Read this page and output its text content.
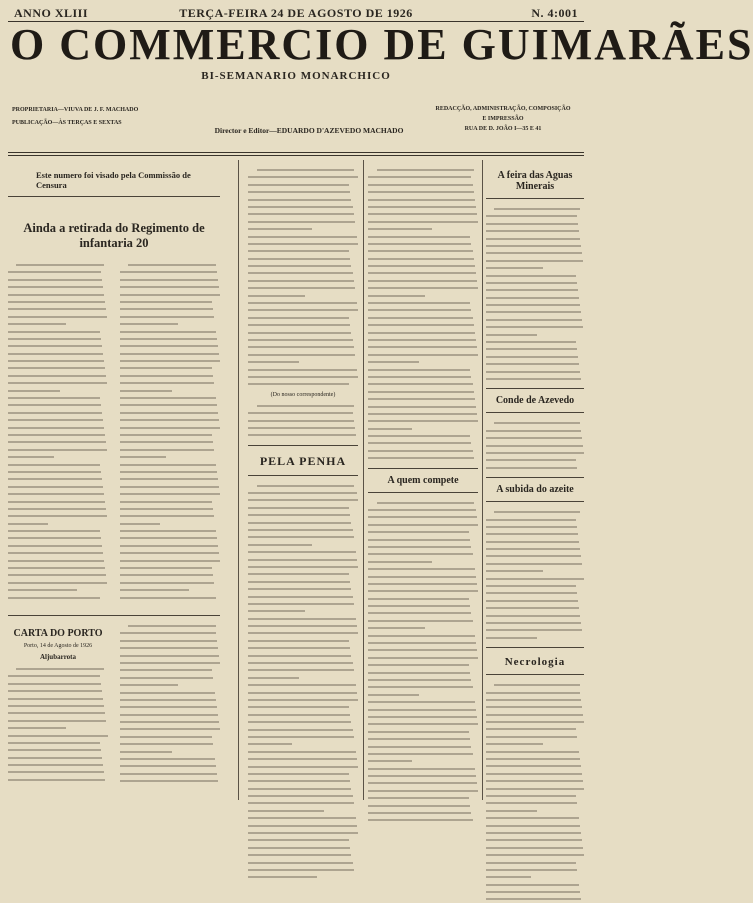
ANNO XLIII	TERÇA-FEIRA 24 DE AGOSTO DE 1926	N. 4:001
O COMMERCIO DE GUIMARÃES
BI-SEMANARIO MONARCHICO
PROPRIETARIA—VIUVA DE J. F. MACHADO
PUBLICAÇÃO—ÀS TERÇAS E SEXTAS
Director e Editor—EDUARDO D'AZEVEDO MACHADO
REDACÇÃO, ADMINISTRAÇÃO, COMPOSIÇÃO
E IMPRESSÃO
RUA DE D. JOÃO I—35 E 41
Este numero foi visado pela Commissão de Censura
Ainda a retirada do Regimento de infantaria 20
CARTA DO PORTO
Porto, 14 de Agosto de 1926
Aljubarrota
(Do nosso correspondente)
PELA PENHA
A quem compete
A feira das Aguas Minerais
Conde de Azevedo
A subida do azeite
Necrologia
